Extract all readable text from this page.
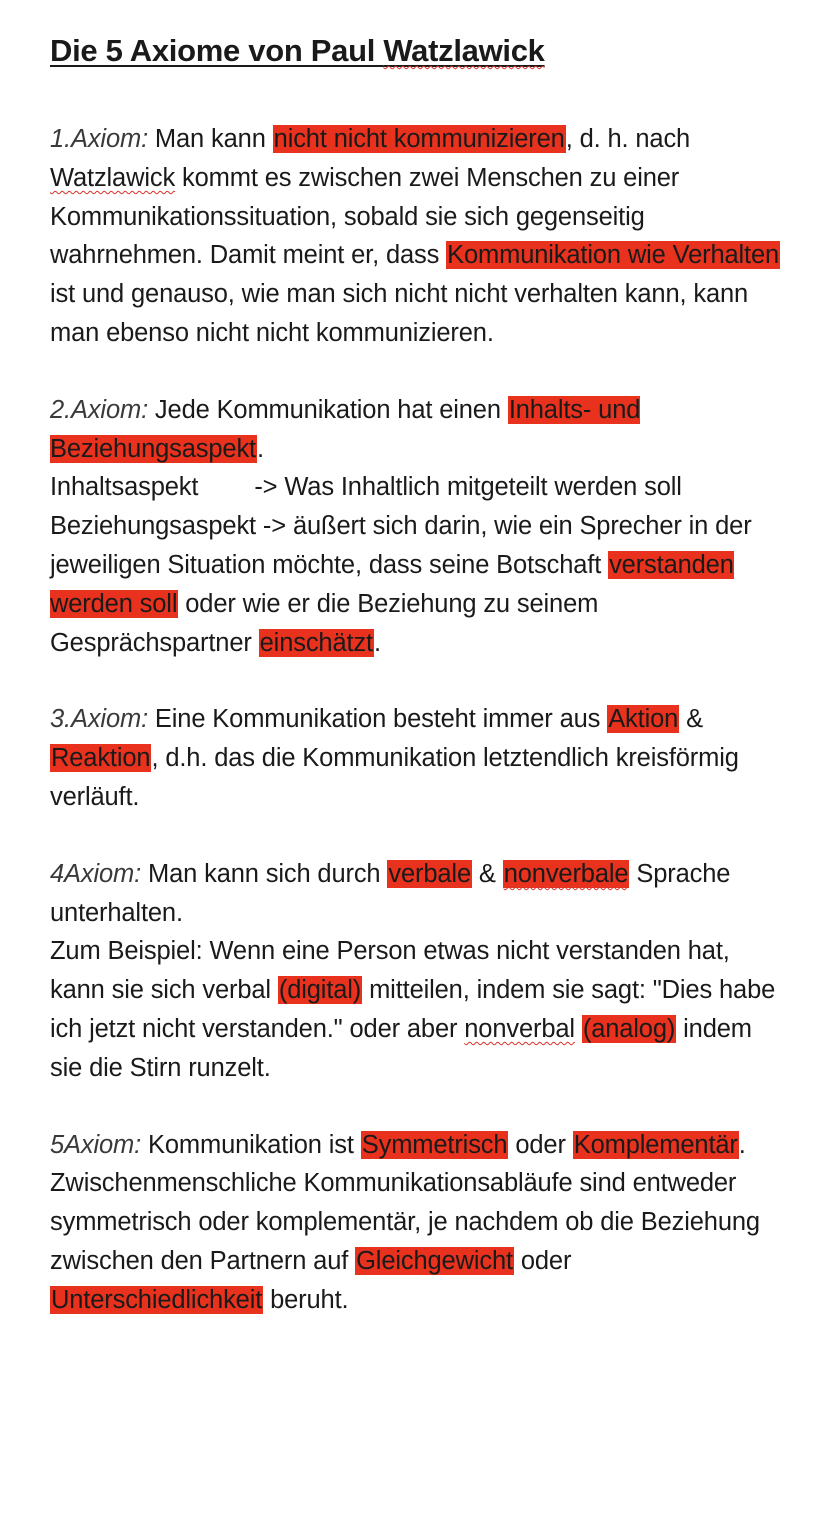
Die 5 Axiome von Paul Watzlawick

1.Axiom: Man kann nicht nicht kommunizieren, d. h. nach Watzlawick kommt es zwischen zwei Menschen zu einer Kommunikationssituation, sobald sie sich gegenseitig wahrnehmen. Damit meint er, dass Kommunikation wie Verhalten ist und genauso, wie man sich nicht nicht verhalten kann, kann man ebenso nicht nicht kommunizieren.

2.Axiom: Jede Kommunikation hat einen Inhalts- und Beziehungsaspekt.
Inhaltsaspekt -> Was Inhaltlich mitgeteilt werden soll
Beziehungsaspekt -> äußert sich darin, wie ein Sprecher in der jeweiligen Situation möchte, dass seine Botschaft verstanden werden soll oder wie er die Beziehung zu seinem Gesprächspartner einschätzt.

3.Axiom: Eine Kommunikation besteht immer aus Aktion & Reaktion, d.h. das die Kommunikation letztendlich kreisförmig verläuft.

4Axiom: Man kann sich durch verbale & nonverbale Sprache unterhalten.
Zum Beispiel: Wenn eine Person etwas nicht verstanden hat, kann sie sich verbal (digital) mitteilen, indem sie sagt: "Dies habe ich jetzt nicht verstanden." oder aber nonverbal (analog) indem sie die Stirn runzelt.

5Axiom: Kommunikation ist Symmetrisch oder Komplementär.
Zwischenmenschliche Kommunikationsabläufe sind entweder symmetrisch oder komplementär, je nachdem ob die Beziehung zwischen den Partnern auf Gleichgewicht oder Unterschiedlichkeit beruht.
